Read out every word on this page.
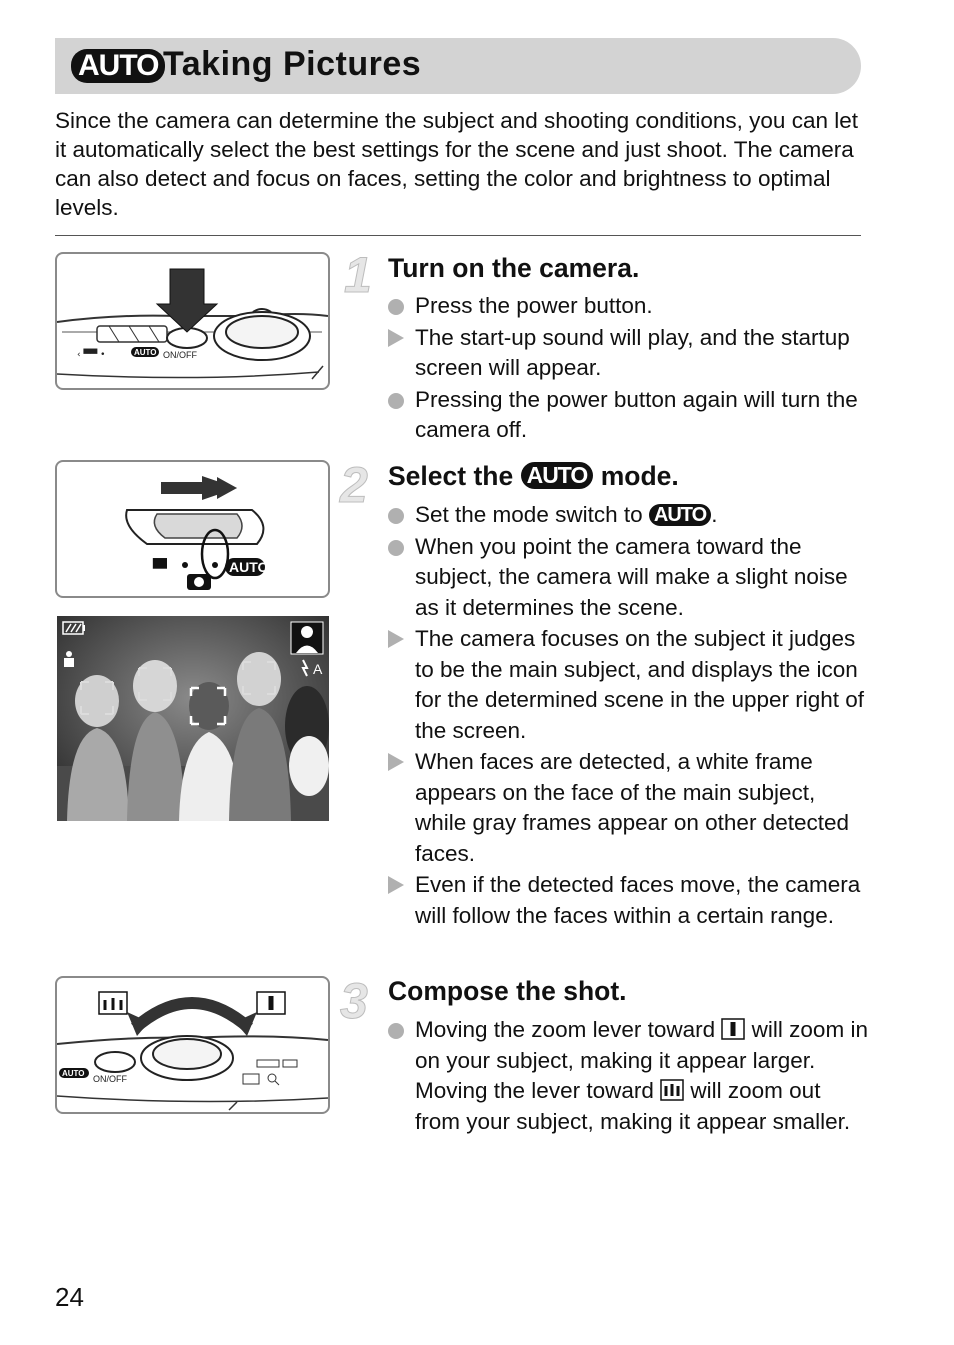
AUTO Taking Pictures

Since the camera can determine the subject and shooting conditions, you can let it automatically select the best settings for the scene and just shoot. The camera can also detect and focus on faces, setting the color and brightness to optimal levels.

‹ ▀▀ •	AUTO ON/OFF
▀	AUTO
A
AUTO
ON/OFF
1 Turn on the camera.
Press the power button.
The start-up sound will play, and the startup screen will appear.
Pressing the power button again will turn the camera off.
2 Select the AUTO mode.
Set the mode switch to AUTO .
When you point the camera toward the subject, the camera will make a slight noise as it determines the scene.
The camera focuses on the subject it judges to be the main subject, and displays the icon for the determined scene in the upper right of the screen.
When faces are detected, a white frame appears on the face of the main subject, while gray frames appear on other detected faces.
Even if the detected faces move, the camera will follow the faces within a certain range.
3 Compose the shot.
Moving the zoom lever toward will zoom in on your subject, making it appear larger. Moving the lever toward will zoom out from your subject, making it appear smaller.
24
